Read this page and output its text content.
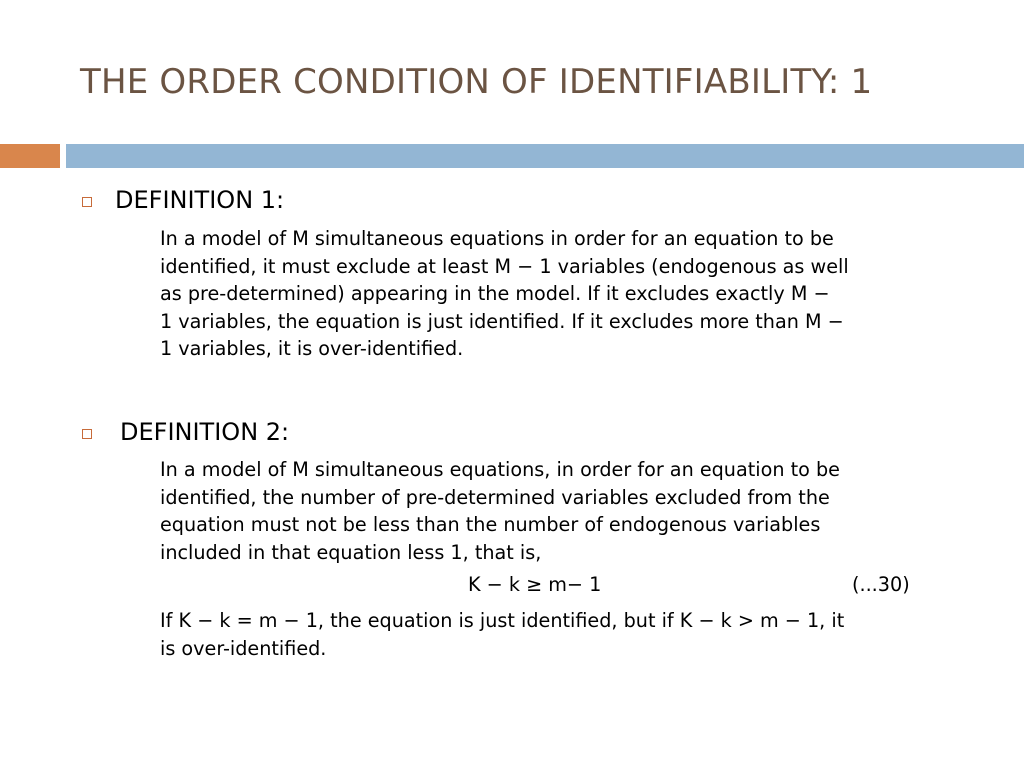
THE ORDER CONDITION OF IDENTIFIABILITY: 1
DEFINITION 1:
In a model of M simultaneous equations in order for an equation to be
identified, it must exclude at least M − 1 variables (endogenous as well
as pre-determined) appearing in the model. If it excludes exactly M −
1 variables, the equation is just identified. If it excludes more than M −
1 variables, it is over-identified.
DEFINITION 2:
In a model of M simultaneous equations, in order for an equation to be
identified, the number of pre-determined variables excluded from the
equation must not be less than the number of endogenous variables
included in that equation less 1, that is,
K − k ≥ m− 1	(...30)
If K − k = m − 1, the equation is just identified, but if K − k > m − 1, it
is over-identified.
